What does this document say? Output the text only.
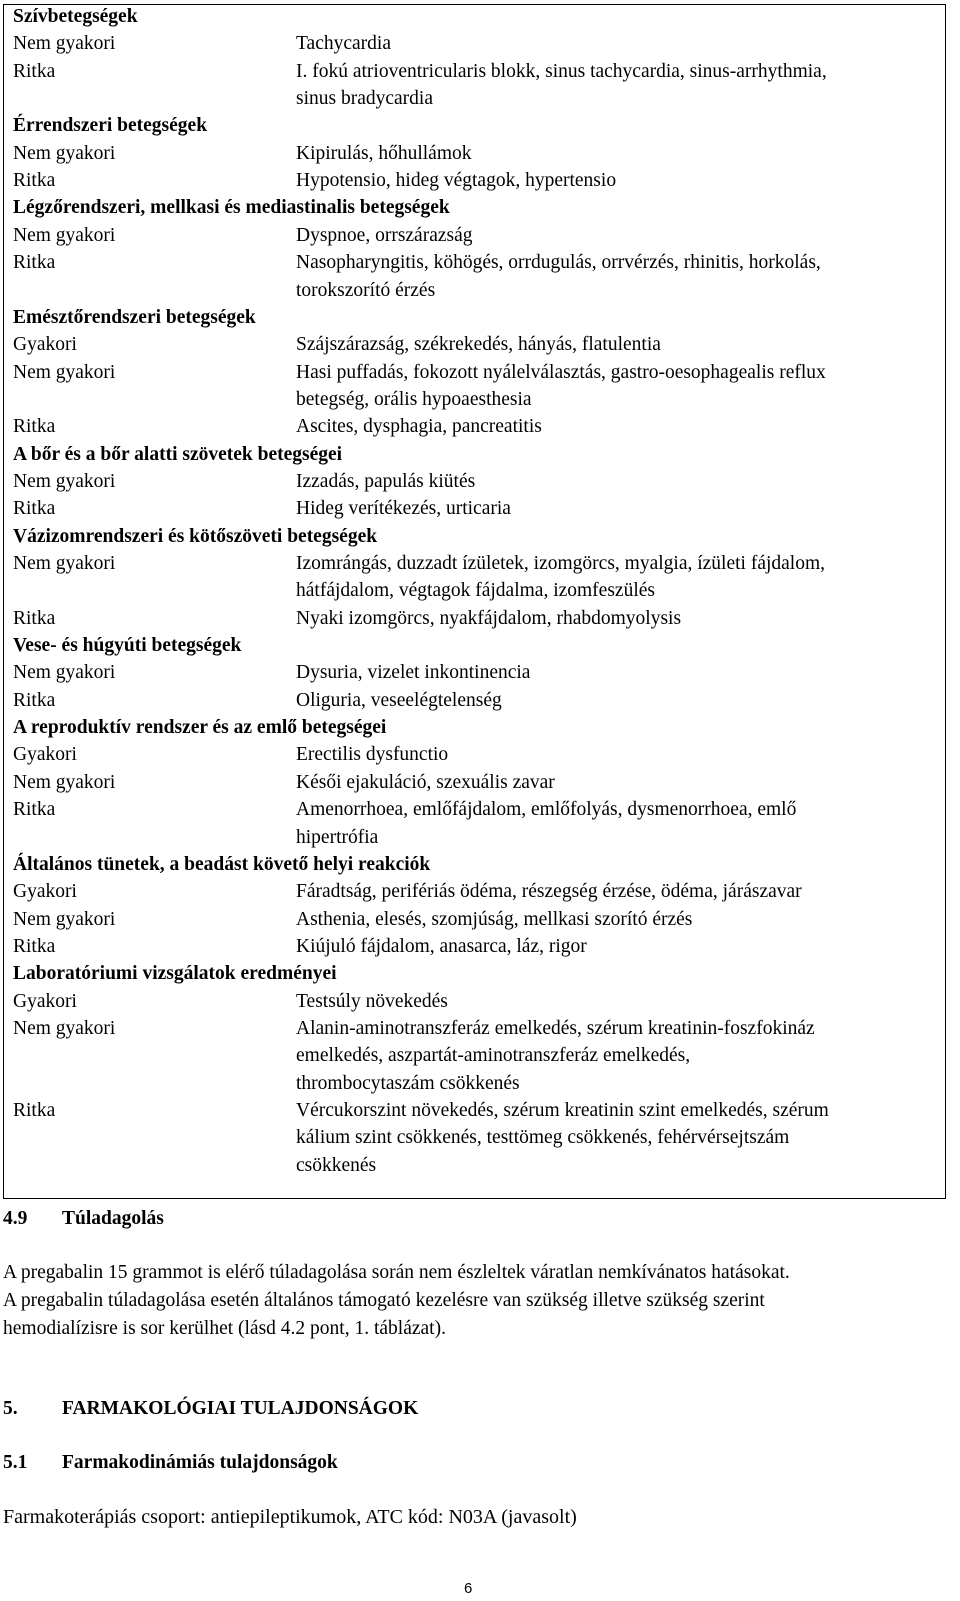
Szívbetegségek
Nem gyakori	Tachycardia
Ritka	I. fokú atrioventricularis blokk, sinus tachycardia, sinus-arrhythmia,
sinus bradycardia
Érrendszeri betegségek
Nem gyakori	Kipirulás, hőhullámok
Ritka	Hypotensio, hideg végtagok, hypertensio
Légzőrendszeri, mellkasi és mediastinalis betegségek
Nem gyakori	Dyspnoe, orrszárazság
Ritka	Nasopharyngitis, köhögés, orrdugulás, orrvérzés, rhinitis, horkolás,
torokszorító érzés
Emésztőrendszeri betegségek
Gyakori	Szájszárazság, székrekedés, hányás, flatulentia
Nem gyakori	Hasi puffadás, fokozott nyálelválasztás, gastro-oesophagealis reflux
betegség, orális hypoaesthesia
Ritka	Ascites, dysphagia, pancreatitis
A bőr és a bőr alatti szövetek betegségei
Nem gyakori	Izzadás, papulás kiütés
Ritka	Hideg verítékezés, urticaria
Vázizomrendszeri és kötőszöveti betegségek
Nem gyakori	Izomrángás, duzzadt ízületek, izomgörcs, myalgia, ízületi fájdalom,
hátfájdalom, végtagok fájdalma, izomfeszülés
Ritka	Nyaki izomgörcs, nyakfájdalom, rhabdomyolysis
Vese- és húgyúti betegségek
Nem gyakori	Dysuria, vizelet inkontinencia
Ritka	Oliguria, veseelégtelenség
A reproduktív rendszer és az emlő betegségei
Gyakori	Erectilis dysfunctio
Nem gyakori	Késői ejakuláció, szexuális zavar
Ritka	Amenorrhoea, emlőfájdalom, emlőfolyás, dysmenorrhoea, emlő
hipertrófia
Általános tünetek, a beadást követő helyi reakciók
Gyakori	Fáradtság, perifériás ödéma, részegség érzése, ödéma, járászavar
Nem gyakori	Asthenia, elesés, szomjúság, mellkasi szorító érzés
Ritka	Kiújuló fájdalom, anasarca, láz, rigor
Laboratóriumi vizsgálatok eredményei
Gyakori	Testsúly növekedés
Nem gyakori	Alanin-aminotranszferáz emelkedés, szérum kreatinin-foszfokináz
emelkedés, aszpartát-aminotranszferáz emelkedés,
thrombocytaszám csökkenés
Ritka	Vércukorszint növekedés, szérum kreatinin szint emelkedés, szérum
kálium szint csökkenés, testtömeg csökkenés, fehérvérsejtszám
csökkenés
4.9 Túladagolás
A pregabalin 15 grammot is elérő túladagolása során nem észleltek váratlan nemkívánatos hatásokat.
A pregabalin túladagolása esetén általános támogató kezelésre van szükség illetve szükség szerint
hemodialízisre is sor kerülhet (lásd 4.2 pont, 1. táblázat).
5. FARMAKOLÓGIAI TULAJDONSÁGOK
5.1 Farmakodinámiás tulajdonságok
Farmakoterápiás csoport: antiepileptikumok, ATC kód: N03A (javasolt)
6
